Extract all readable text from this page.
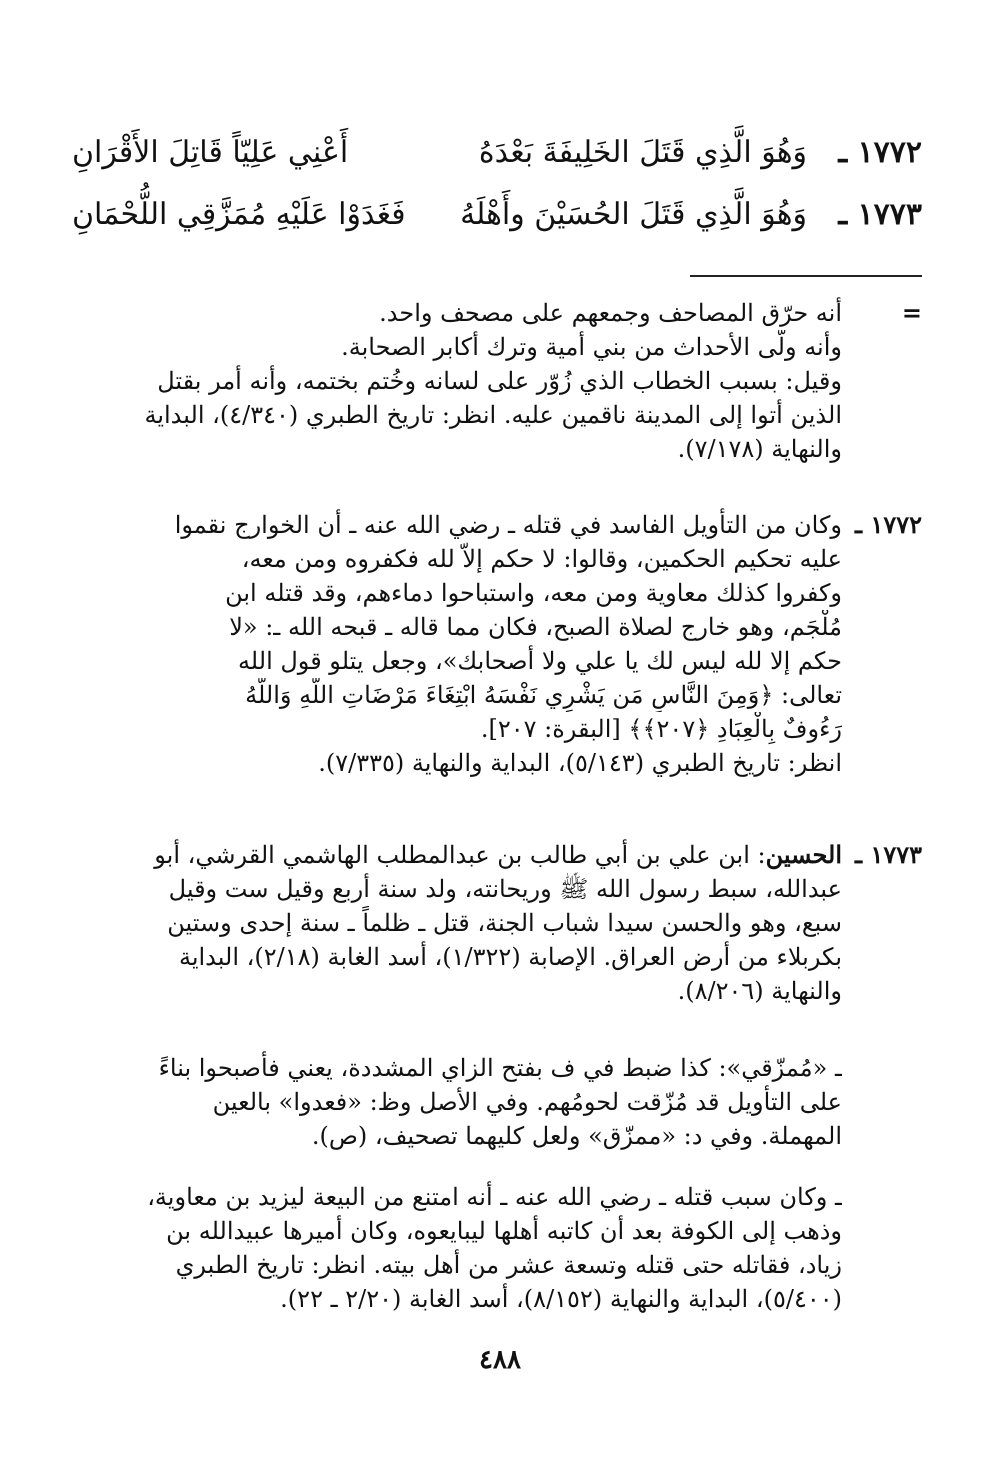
١٧٧٢ ـ
وَهُوَ الَّذِي قَتَلَ الخَلِيفَةَ بَعْدَهُ
أَعْنِي عَلِيّاً قَاتِلَ الأَقْرَانِ
١٧٧٣ ـ
وَهُوَ الَّذِي قَتَلَ الحُسَيْنَ وأَهْلَهُ
فَغَدَوْا عَلَيْهِ مُمَزَّقِي اللُّحْمَانِ
=
أنه حرّق المصاحف وجمعهم على مصحف واحد.
وأنه ولّى الأحداث من بني أمية وترك أكابر الصحابة.
وقيل: بسبب الخطاب الذي زُوّر على لسانه وخُتم بختمه، وأنه أمر بقتل
الذين أتوا إلى المدينة ناقمين عليه. انظر: تاريخ الطبري (٤/٣٤٠)، البداية
والنهاية (٧/١٧٨).
١٧٧٢ ـ
وكان من التأويل الفاسد في قتله ـ رضي الله عنه ـ أن الخوارج نقموا
عليه تحكيم الحكمين، وقالوا: لا حكم إلاّ لله فكفروه ومن معه،
وكفروا كذلك معاوية ومن معه، واستباحوا دماءهم، وقد قتله ابن
مُلْجَم، وهو خارج لصلاة الصبح، فكان مما قاله ـ قبحه الله ـ: «لا
حكم إلا لله ليس لك يا علي ولا أصحابك»، وجعل يتلو قول الله
تعالى: ﴿وَمِنَ النَّاسِ مَن يَشْرِي نَفْسَهُ ابْتِغَاءَ مَرْضَاتِ اللَّهِ وَاللَّهُ
رَءُوفٌ بِالْعِبَادِ ﴿٢٠٧﴾﴾ [البقرة: ٢٠٧].
انظر: تاريخ الطبري (٥/١٤٣)، البداية والنهاية (٧/٣٣٥).
١٧٧٣ ـ
الحسين: ابن علي بن أبي طالب بن عبدالمطلب الهاشمي القرشي، أبو
عبدالله، سبط رسول الله ﷺ وريحانته، ولد سنة أربع وقيل ست وقيل
سبع، وهو والحسن سيدا شباب الجنة، قتل ـ ظلماً ـ سنة إحدى وستين
بكربلاء من أرض العراق. الإصابة (١/٣٢٢)، أسد الغابة (٢/١٨)، البداية
والنهاية (٨/٢٠٦).
ـ «مُمزّقي»: كذا ضبط في ف بفتح الزاي المشددة، يعني فأصبحوا بناءً
على التأويل قد مُزّقت لحومُهم. وفي الأصل وظ: «فعدوا» بالعين
المهملة. وفي د: «ممزّق» ولعل كليهما تصحيف، (ص).
ـ وكان سبب قتله ـ رضي الله عنه ـ أنه امتنع من البيعة ليزيد بن معاوية،
وذهب إلى الكوفة بعد أن كاتبه أهلها ليبايعوه، وكان أميرها عبيدالله بن
زياد، فقاتله حتى قتله وتسعة عشر من أهل بيته. انظر: تاريخ الطبري
(٥/٤٠٠)، البداية والنهاية (٨/١٥٢)، أسد الغابة (٢/٢٠ ـ ٢٢).
٤٨٨
